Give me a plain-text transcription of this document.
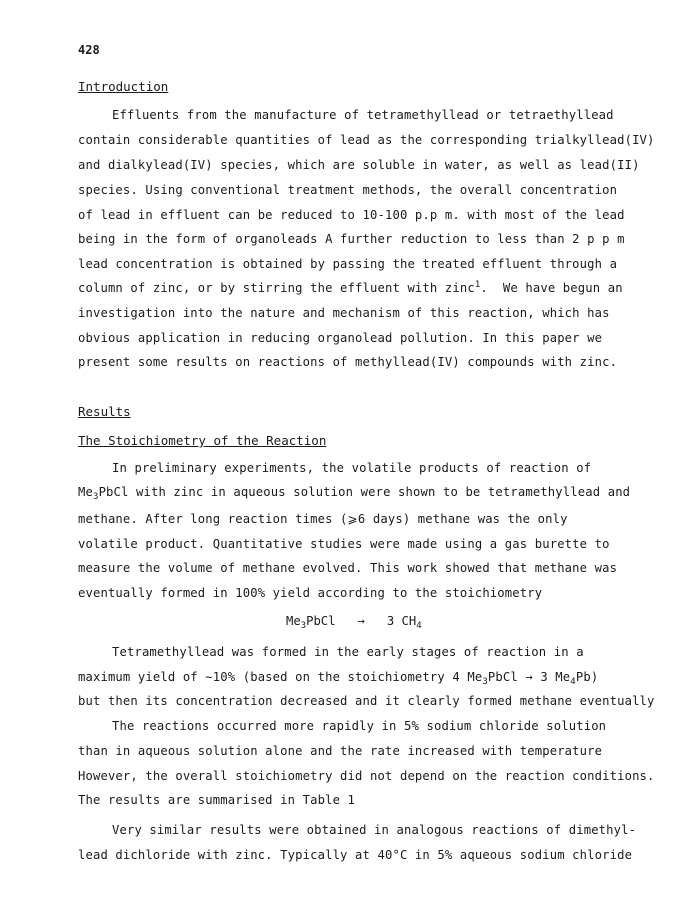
428
Introduction
Effluents from the manufacture of tetramethyllead or tetraethyllead
contain considerable quantities of lead as the corresponding trialkyllead(IV)
and dialkylead(IV) species, which are soluble in water, as well as lead(II)
species. Using conventional treatment methods, the overall concentration
of lead in effluent can be reduced to 10-100 p.p m. with most of the lead
being in the form of organoleads A further reduction to less than 2 p p m
lead concentration is obtained by passing the treated effluent through a
column of zinc, or by stirring the effluent with zinc$^1$.  We have begun an
investigation into the nature and mechanism of this reaction, which has
obvious application in reducing organolead pollution. In this paper we
present some results on reactions of methyllead(IV) compounds with zinc.
Results
The Stoichiometry of the Reaction
In preliminary experiments, the volatile products of reaction of
$Me_3PbCl$ with zinc in aqueous solution were shown to be tetramethyllead and
methane. After long reaction times (⩾6 days) methane was the only
volatile product. Quantitative studies were made using a gas burette to
measure the volume of methane evolved. This work showed that methane was
eventually formed in 100% yield according to the stoichiometry
$Me_3PbCl \to 3$ $CH_4$
Tetramethyllead was formed in the early stages of reaction in a
maximum yield of ∼10% (based on the stoichiometry 4 $Me_3PbCl \to 3$ $Me_4Pb$)
but then its concentration decreased and it clearly formed methane eventually
The reactions occurred more rapidly in 5% sodium chloride solution
than in aqueous solution alone and the rate increased with temperature
However, the overall stoichiometry did not depend on the reaction conditions.
The results are summarised in Table 1
Very similar results were obtained in analogous reactions of dimethyl-
lead dichloride with zinc. Typically at 40°C in 5% aqueous sodium chloride
